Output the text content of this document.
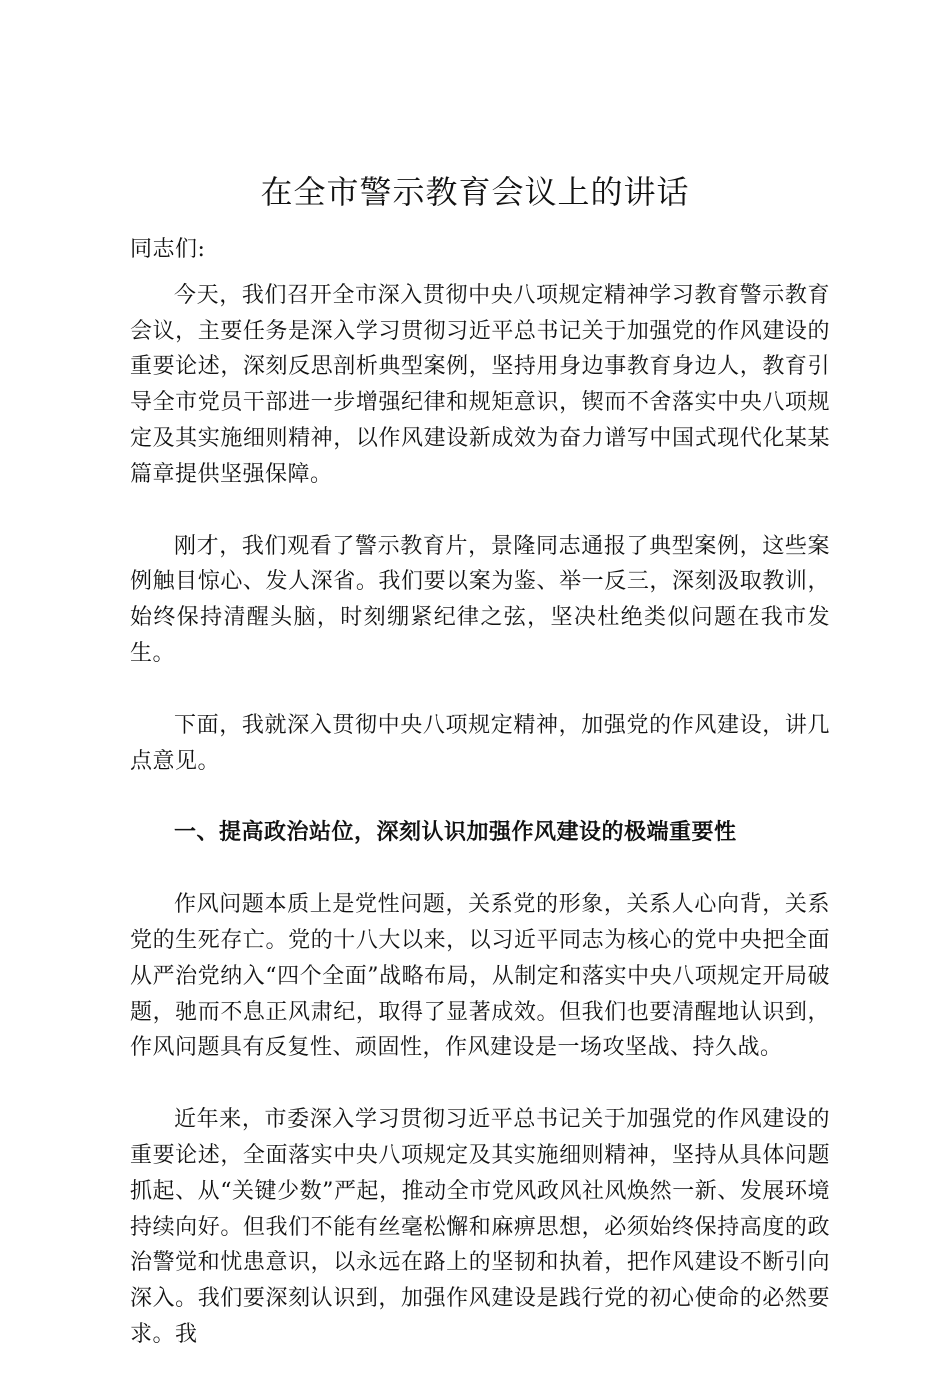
在全市警示教育会议上的讲话

同志们:

今天，我们召开全市深入贯彻中央八项规定精神学习教育警示教育会议，主要任务是深入学习贯彻习近平总书记关于加强党的作风建设的重要论述，深刻反思剖析典型案例，坚持用身边事教育身边人，教育引导全市党员干部进一步增强纪律和规矩意识，锲而不舍落实中央八项规定及其实施细则精神，以作风建设新成效为奋力谱写中国式现代化某某篇章提供坚强保障。

刚才，我们观看了警示教育片，景隆同志通报了典型案例，这些案例触目惊心、发人深省。我们要以案为鉴、举一反三，深刻汲取教训，始终保持清醒头脑，时刻绷紧纪律之弦，坚决杜绝类似问题在我市发生。

下面，我就深入贯彻中央八项规定精神，加强党的作风建设，讲几点意见。

一、提高政治站位，深刻认识加强作风建设的极端重要性

作风问题本质上是党性问题，关系党的形象，关系人心向背，关系党的生死存亡。党的十八大以来，以习近平同志为核心的党中央把全面从严治党纳入“四个全面”战略布局，从制定和落实中央八项规定开局破题，驰而不息正风肃纪，取得了显著成效。但我们也要清醒地认识到，作风问题具有反复性、顽固性，作风建设是一场攻坚战、持久战。

近年来，市委深入学习贯彻习近平总书记关于加强党的作风建设的重要论述，全面落实中央八项规定及其实施细则精神，坚持从具体问题抓起、从“关键少数”严起，推动全市党风政风社风焕然一新、发展环境持续向好。但我们不能有丝毫松懈和麻痹思想，必须始终保持高度的政治警觉和忧患意识，以永远在路上的坚韧和执着，把作风建设不断引向深入。我们要深刻认识到，加强作风建设是践行党的初心使命的必然要求。我
